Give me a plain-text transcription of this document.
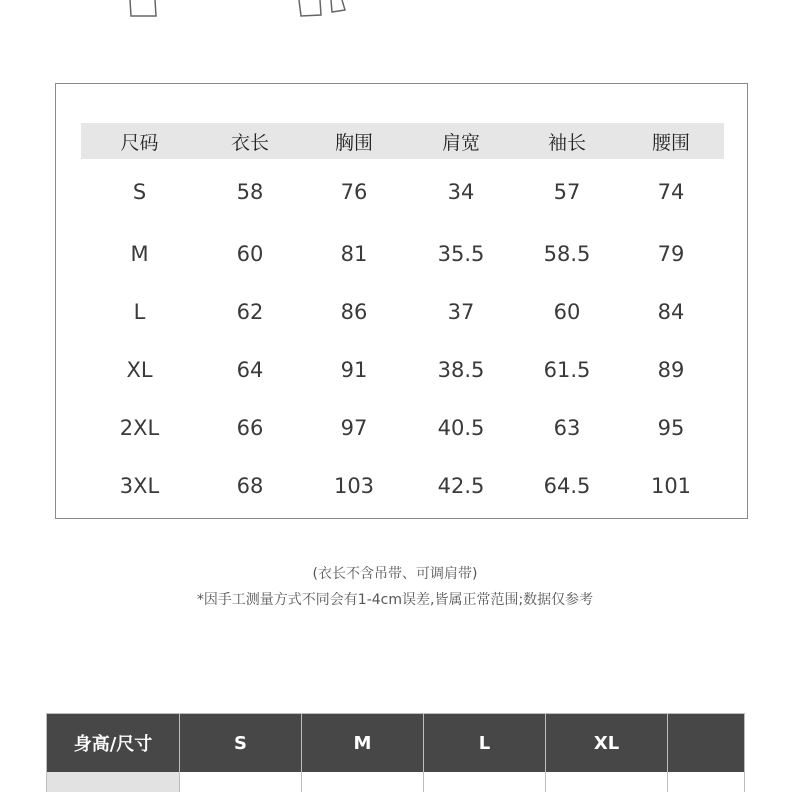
尺码	衣长	胸围	肩宽	袖长	腰围
S	58	76	34	57	74
M	60	81	35.5	58.5	79
L	62	86	37	60	84
XL	64	91	38.5	61.5	89
2XL	66	97	40.5	63	95
3XL	68	103	42.5	64.5	101
(衣长不含吊带、可调肩带)
*因手工测量方式不同会有1-4cm误差,皆属正常范围;数据仅参考
身高/尺寸	S	M	L	XL	
